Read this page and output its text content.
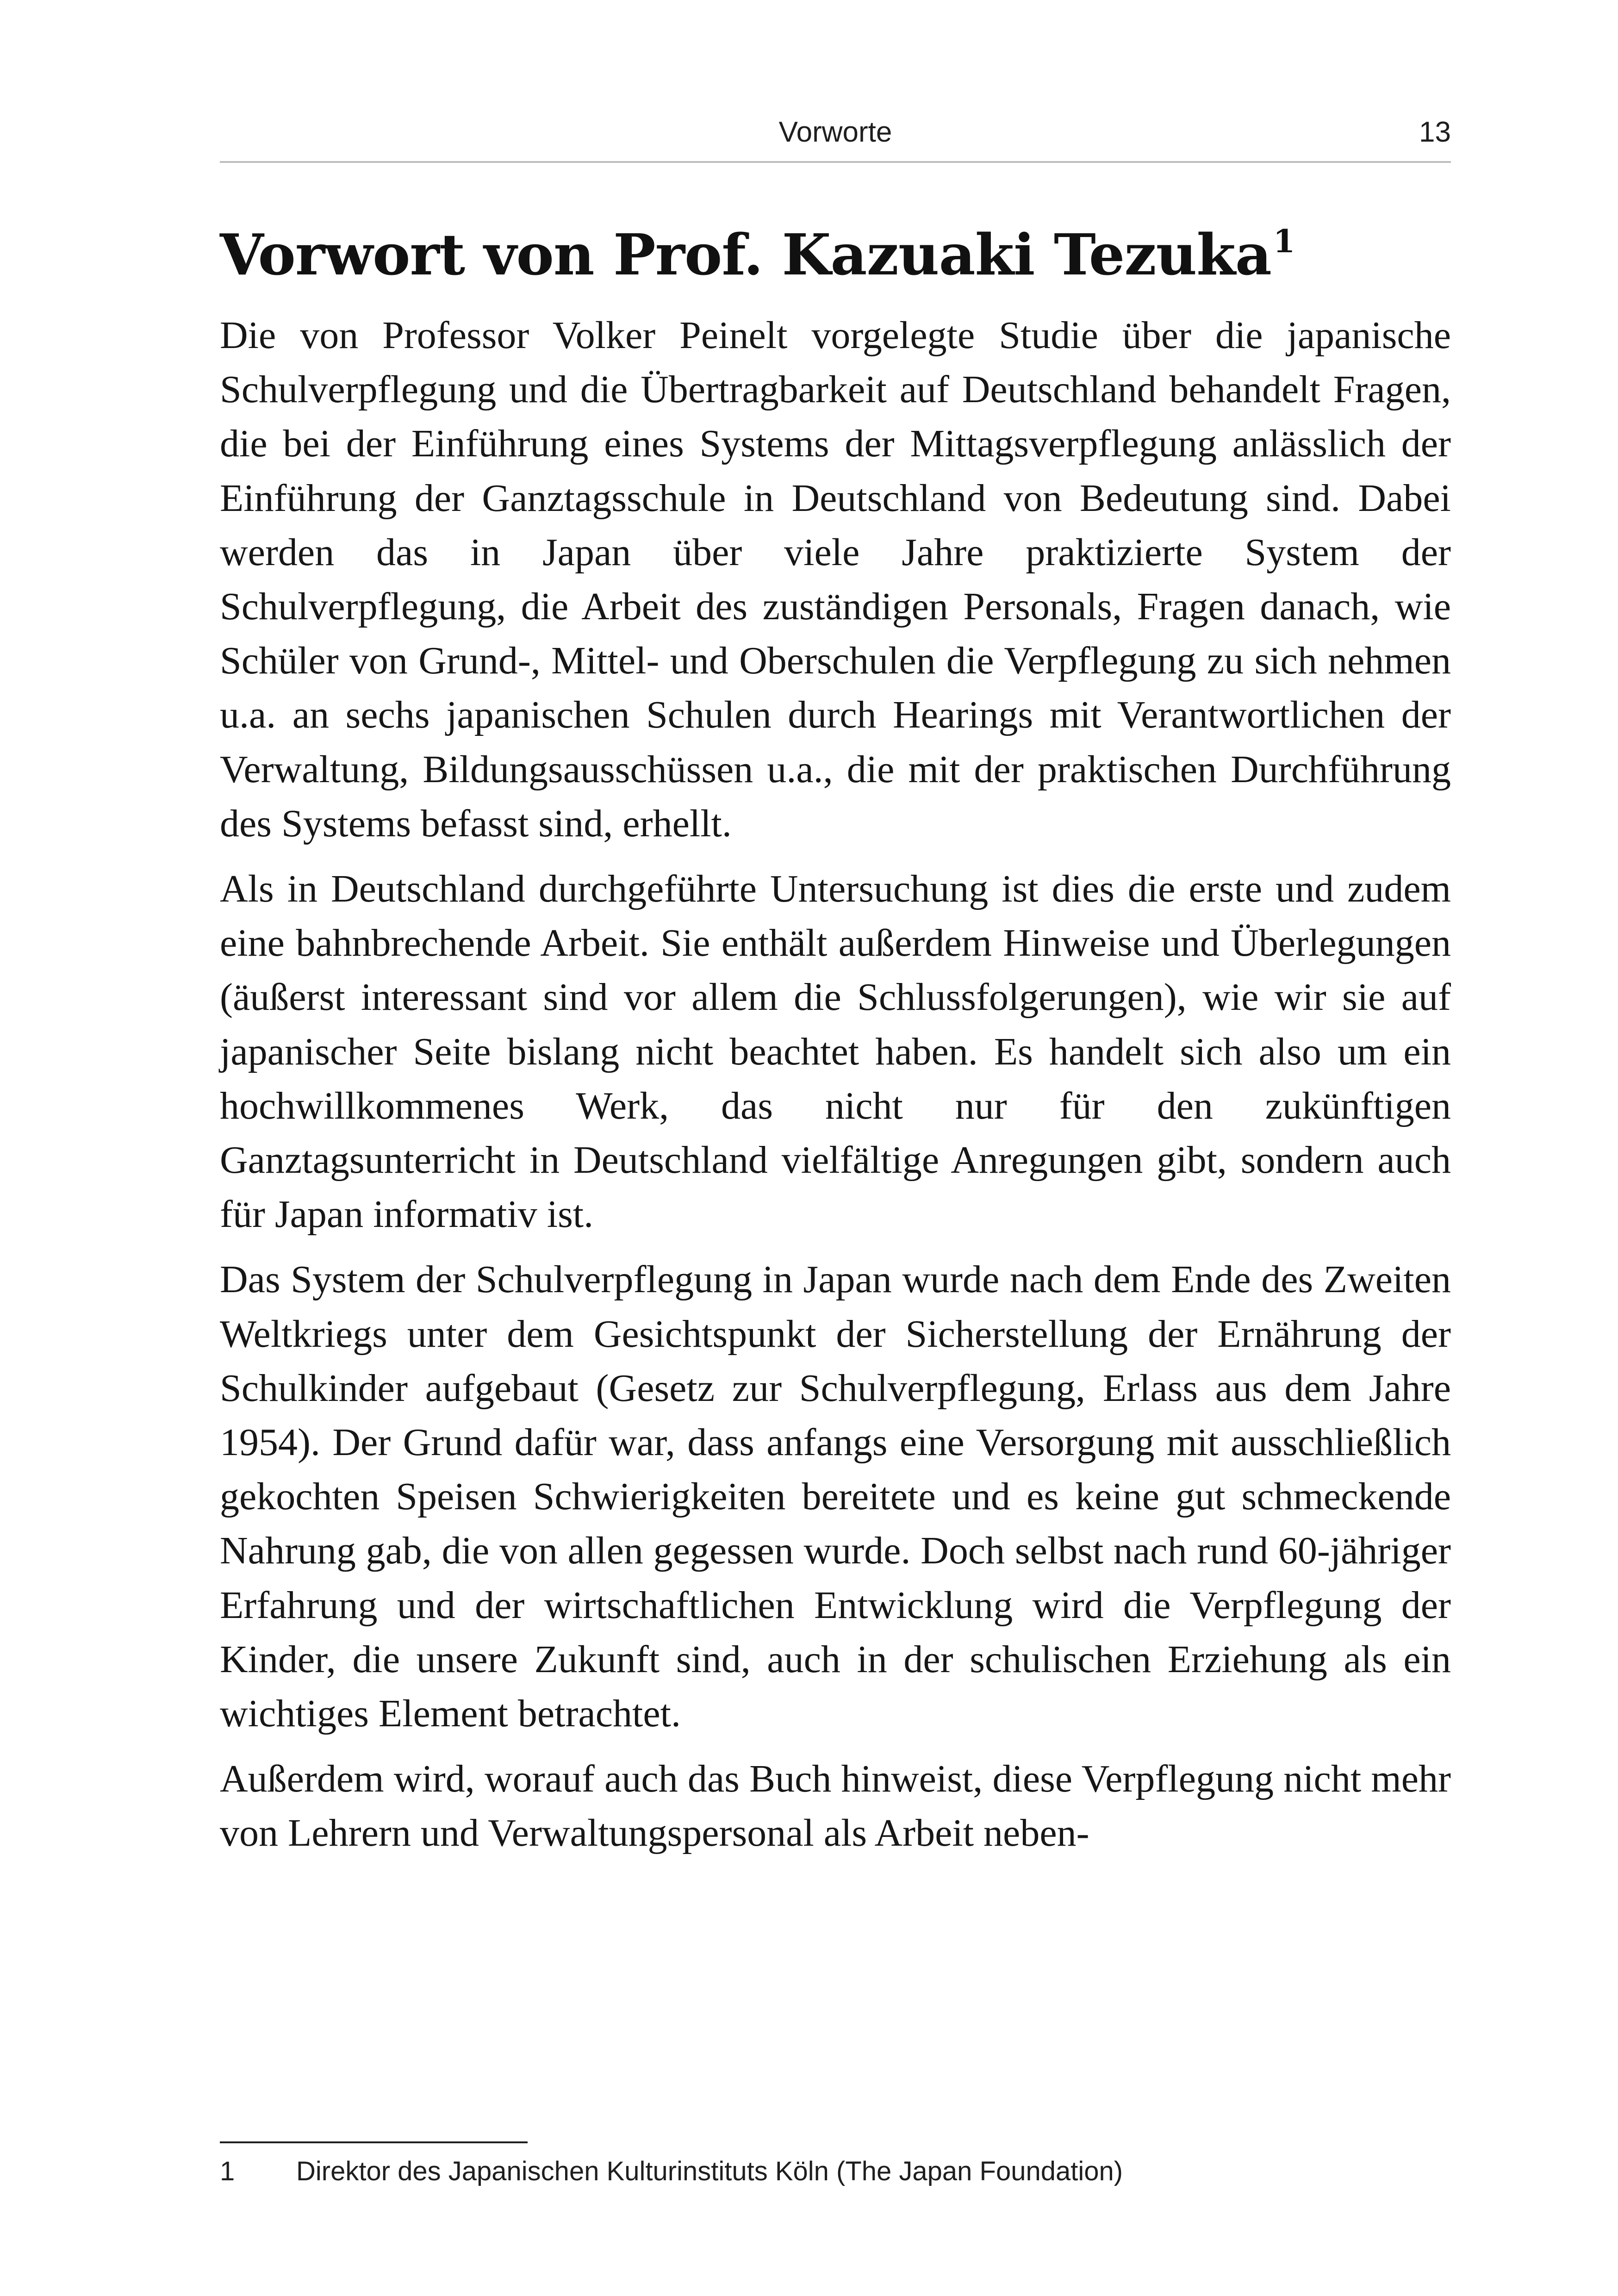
Vorworte	13
Vorwort von Prof. Kazuaki Tezuka$^1$

Die von Professor Volker Peinelt vorgelegte Studie über die japanische Schulverpflegung und die Übertragbarkeit auf Deutschland behandelt Fragen, die bei der Einführung eines Systems der Mittagsverpflegung anlässlich der Einführung der Ganztagsschule in Deutschland von Bedeutung sind. Dabei werden das in Japan über viele Jahre praktizierte System der Schulverpflegung, die Arbeit des zuständigen Personals, Fragen danach, wie Schüler von Grund-, Mittel- und Oberschulen die Verpflegung zu sich nehmen u.a. an sechs japanischen Schulen durch Hearings mit Verantwortlichen der Verwaltung, Bildungsausschüssen u.a., die mit der praktischen Durchführung des Systems befasst sind, erhellt.

Als in Deutschland durchgeführte Untersuchung ist dies die erste und zudem eine bahnbrechende Arbeit. Sie enthält außerdem Hinweise und Überlegungen (äußerst interessant sind vor allem die Schlussfolgerungen), wie wir sie auf japanischer Seite bislang nicht beachtet haben. Es handelt sich also um ein hochwillkommenes Werk, das nicht nur für den zukünftigen Ganztagsunterricht in Deutschland vielfältige Anregungen gibt, sondern auch für Japan informativ ist.

Das System der Schulverpflegung in Japan wurde nach dem Ende des Zweiten Weltkriegs unter dem Gesichtspunkt der Sicherstellung der Ernährung der Schulkinder aufgebaut (Gesetz zur Schulverpflegung, Erlass aus dem Jahre 1954). Der Grund dafür war, dass anfangs eine Versorgung mit ausschließlich gekochten Speisen Schwierigkeiten bereitete und es keine gut schmeckende Nahrung gab, die von allen gegessen wurde. Doch selbst nach rund 60-jähriger Erfahrung und der wirtschaftlichen Entwicklung wird die Verpflegung der Kinder, die unsere Zukunft sind, auch in der schulischen Erziehung als ein wichtiges Element betrachtet.

Außerdem wird, worauf auch das Buch hinweist, diese Verpflegung nicht mehr von Lehrern und Verwaltungspersonal als Arbeit neben-

1 Direktor des Japanischen Kulturinstituts Köln (The Japan Foundation)
